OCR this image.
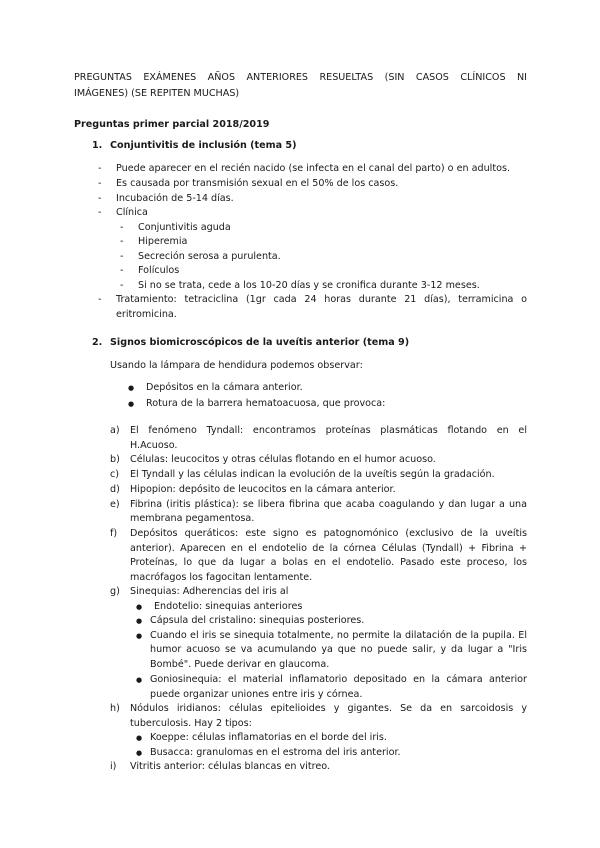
PREGUNTAS EXÁMENES AÑOS ANTERIORES RESUELTAS (SIN CASOS CLÍNICOS NI
IMÁGENES) (SE REPITEN MUCHAS)
Preguntas primer parcial 2018/2019
1. Conjuntivitis de inclusión (tema 5)
- Puede aparecer en el recién nacido (se infecta en el canal del parto) o en adultos.
- Es causada por transmisión sexual en el 50% de los casos.
- Incubación de 5-14 días.
- Clínica
- Conjuntivitis aguda
- Hiperemia
- Secreción serosa a purulenta.
- Folículos
- Si no se trata, cede a los 10-20 días y se cronifica durante 3-12 meses.
- Tratamiento: tetraciclina (1gr cada 24 horas durante 21 días), terramicina o
eritromicina.
2. Signos biomicroscópicos de la uveítis anterior (tema 9)
Usando la lámpara de hendidura podemos observar:
● Depósitos en la cámara anterior.
● Rotura de la barrera hematoacuosa, que provoca:
a) El fenómeno Tyndall: encontramos proteínas plasmáticas flotando en el
H.Acuoso.
b) Células: leucocitos y otras células flotando en el humor acuoso.
c) El Tyndall y las células indican la evolución de la uveítis según la gradación.
d) Hipopion: depósito de leucocitos en la cámara anterior.
e) Fibrina (iritis plástica): se libera fibrina que acaba coagulando y dan lugar a una
membrana pegamentosa.
f) Depósitos queráticos: este signo es patognomónico (exclusivo de la uveítis
anterior). Aparecen en el endotelio de la córnea Células (Tyndall) + Fibrina +
Proteínas, lo que da lugar a bolas en el endotelio. Pasado este proceso, los
macrófagos los fagocitan lentamente.
g) Sinequias: Adherencias del iris al
● Endotelio: sinequias anteriores
● Cápsula del cristalino: sinequias posteriores.
● Cuando el iris se sinequia totalmente, no permite la dilatación de la pupila. El
humor acuoso se va acumulando ya que no puede salir, y da lugar a "Iris
Bombé". Puede derivar en glaucoma.
● Goniosinequia: el material inflamatorio depositado en la cámara anterior
puede organizar uniones entre iris y córnea.
h) Nódulos iridianos: células epitelioides y gigantes. Se da en sarcoidosis y
tuberculosis. Hay 2 tipos:
● Koeppe: células inflamatorias en el borde del iris.
● Busacca: granulomas en el estroma del iris anterior.
i) Vitritis anterior: células blancas en vitreo.
